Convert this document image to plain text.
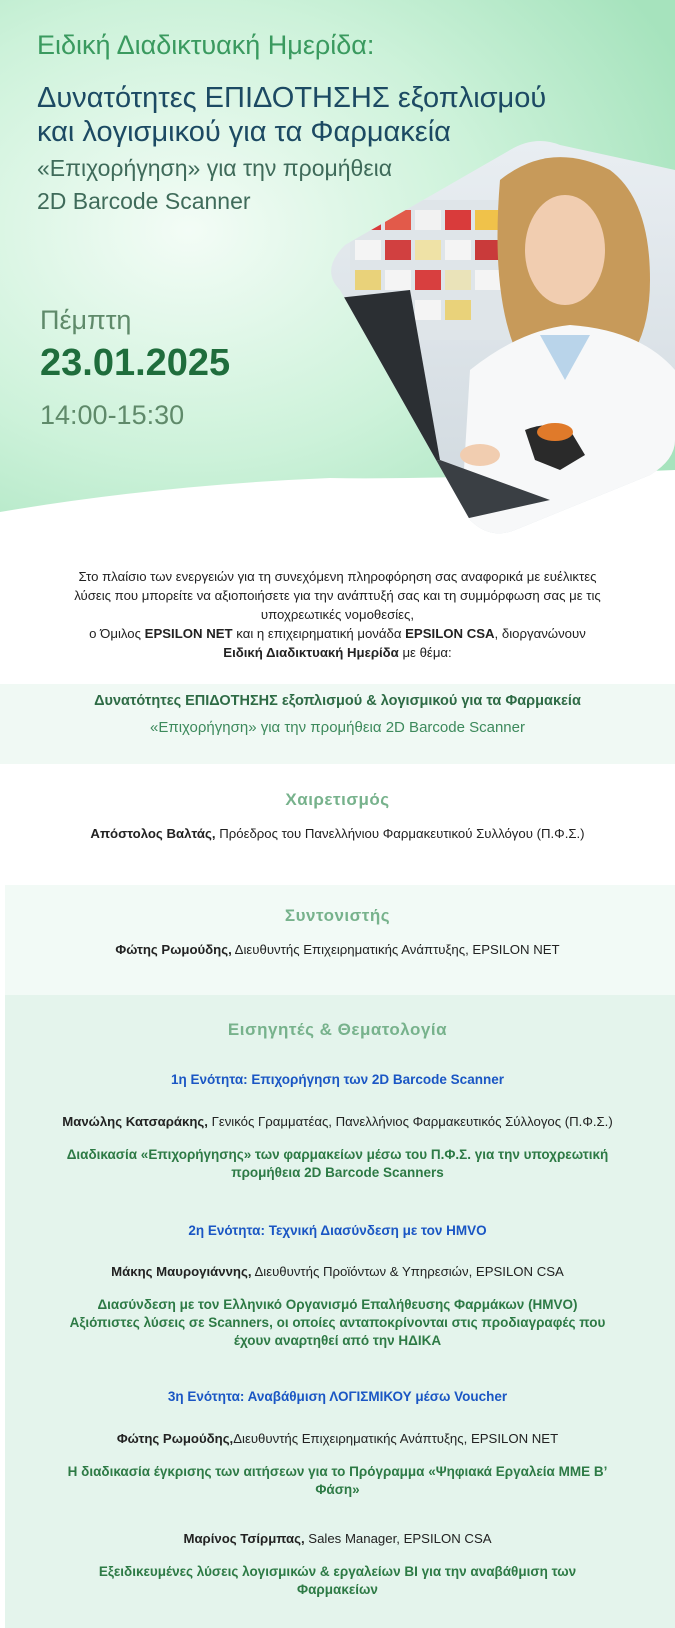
Ειδική Διαδικτυακή Ημερίδα:
Δυνατότητες ΕΠΙΔΟΤΗΣΗΣ εξοπλισμού
και λογισμικού για τα Φαρμακεία
«Επιχορήγηση» για την προμήθεια
2D Barcode Scanner
Πέμπτη
23.01.2025
14:00-15:30
Στο πλαίσιο των ενεργειών για τη συνεχόμενη πληροφόρηση σας αναφορικά με ευέλικτες
λύσεις που μπορείτε να αξιοποιήσετε για την ανάπτυξή σας και τη συμμόρφωση σας με τις
υποχρεωτικές νομοθεσίες,
ο Όμιλος EPSILON NET και η επιχειρηματική μονάδα EPSILON CSA, διοργανώνουν
Ειδική Διαδικτυακή Ημερίδα με θέμα:
Δυνατότητες ΕΠΙΔΟΤΗΣΗΣ εξοπλισμού & λογισμικού για τα Φαρμακεία
«Επιχορήγηση» για την προμήθεια 2D Barcode Scanner
Χαιρετισμός
Απόστολος Βαλτάς, Πρόεδρος του Πανελλήνιου Φαρμακευτικού Συλλόγου (Π.Φ.Σ.)
Συντονιστής
Φώτης Ρωμούδης, Διευθυντής Επιχειρηματικής Ανάπτυξης, EPSILON NET
Εισηγητές & Θεματολογία
1η Ενότητα: Επιχορήγηση των 2D Barcode Scanner
Μανώλης Κατσαράκης, Γενικός Γραμματέας, Πανελλήνιος Φαρμακευτικός Σύλλογος (Π.Φ.Σ.)
Διαδικασία «Επιχορήγησης» των φαρμακείων μέσω του Π.Φ.Σ. για την υποχρεωτική
προμήθεια 2D Barcode Scanners
2η Ενότητα: Τεχνική Διασύνδεση με τον HMVO
Μάκης Μαυρογιάννης, Διευθυντής Προϊόντων & Υπηρεσιών, EPSILON CSA
Διασύνδεση με τον Ελληνικό Οργανισμό Επαλήθευσης Φαρμάκων (HMVO)
Αξιόπιστες λύσεις σε Scanners, οι οποίες ανταποκρίνονται στις προδιαγραφές που
έχουν αναρτηθεί από την ΗΔΙΚΑ
3η Ενότητα: Αναβάθμιση ΛΟΓΙΣΜΙΚΟΥ μέσω Voucher
Φώτης Ρωμούδης,Διευθυντής Επιχειρηματικής Ανάπτυξης, EPSILON NET
Η διαδικασία έγκρισης των αιτήσεων για το Πρόγραμμα «Ψηφιακά Εργαλεία ΜΜΕ Β’
Φάση»
Μαρίνος Τσίρμπας, Sales Manager, EPSILON CSA
Εξειδικευμένες λύσεις λογισμικών & εργαλείων BI για την αναβάθμιση των
Φαρμακείων
